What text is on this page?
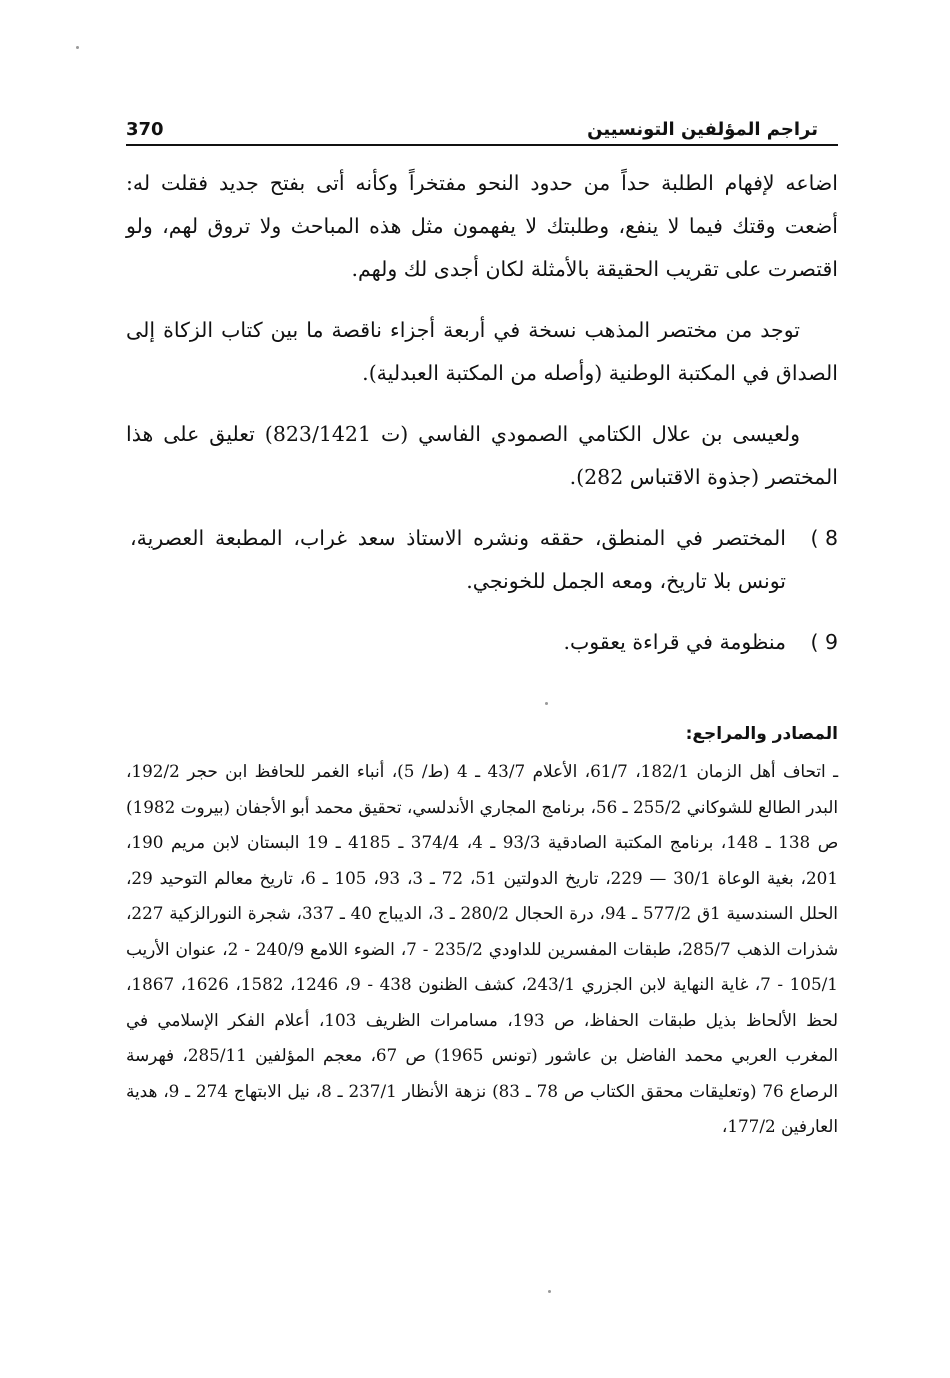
تراجم المؤلفين التونسيين
370

اضاعه لإفهام الطلبة حداً من حدود النحو مفتخراً وكأنه أتى بفتح جديد فقلت له: أضعت وقتك فيما لا ينفع، وطلبتك لا يفهمون مثل هذه المباحث ولا تروق لهم، ولو اقتصرت على تقريب الحقيقة بالأمثلة لكان أجدى لك ولهم.

توجد من مختصر المذهب نسخة في أربعة أجزاء ناقصة ما بين كتاب الزكاة إلى الصداق في المكتبة الوطنية (وأصله من المكتبة العبدلية).

ولعيسى بن علال الكتامي الصمودي الفاسي (ت 823/1421) تعليق على هذا المختصر (جذوة الاقتباس 282).

8 )
المختصر في المنطق، حققه ونشره الاستاذ سعد غراب، المطبعة العصرية، تونس بلا تاريخ، ومعه الجمل للخونجي.
9 )
منظومة في قراءة يعقوب.

المصادر والمراجع:

ـ اتحاف أهل الزمان 182/1، 61/7، الأعلام 43/7 ـ 4 (ط/ 5)، أنباء الغمر للحافظ ابن حجر 192/2، البدر الطالع للشوكاني 255/2 ـ 56، برنامج المجاري الأندلسي، تحقيق محمد أبو الأجفان (بيروت 1982) ص 138 ـ 148، برنامج المكتبة الصادقية 93/3 ـ 4، 374/4 ـ 4185 ـ 19 البستان لابن مريم 190، 201، بغية الوعاة 30/1 — 229، تاريخ الدولتين 51، 72 ـ 3، 93، 105 ـ 6، تاريخ معالم التوحيد 29، الحلل السندسية 1ق 577/2 ـ 94، درة الحجال 280/2 ـ 3، الديباج 40 ـ 337، شجرة النورالزكية 227، شذرات الذهب 285/7، طبقات المفسرين للداودي 235/2 - 7، الضوء اللامع 240/9 - 2، عنوان الأريب 105/1 - 7، غاية النهاية لابن الجزري 243/1، كشف الظنون 438 - 9، 1246، 1582، 1626، 1867، لحظ الألحاظ بذيل طبقات الحفاظ، ص 193، مسامرات الظريف 103، أعلام الفكر الإسلامي في المغرب العربي محمد الفاضل بن عاشور (تونس 1965) ص 67، معجم المؤلفين 285/11، فهرسة الرصاع 76 (وتعليقات محقق الكتاب ص 78 ـ 83) نزهة الأنظار 237/1 ـ 8، نيل الابتهاج 274 ـ 9، هدية العارفين 177/2،
